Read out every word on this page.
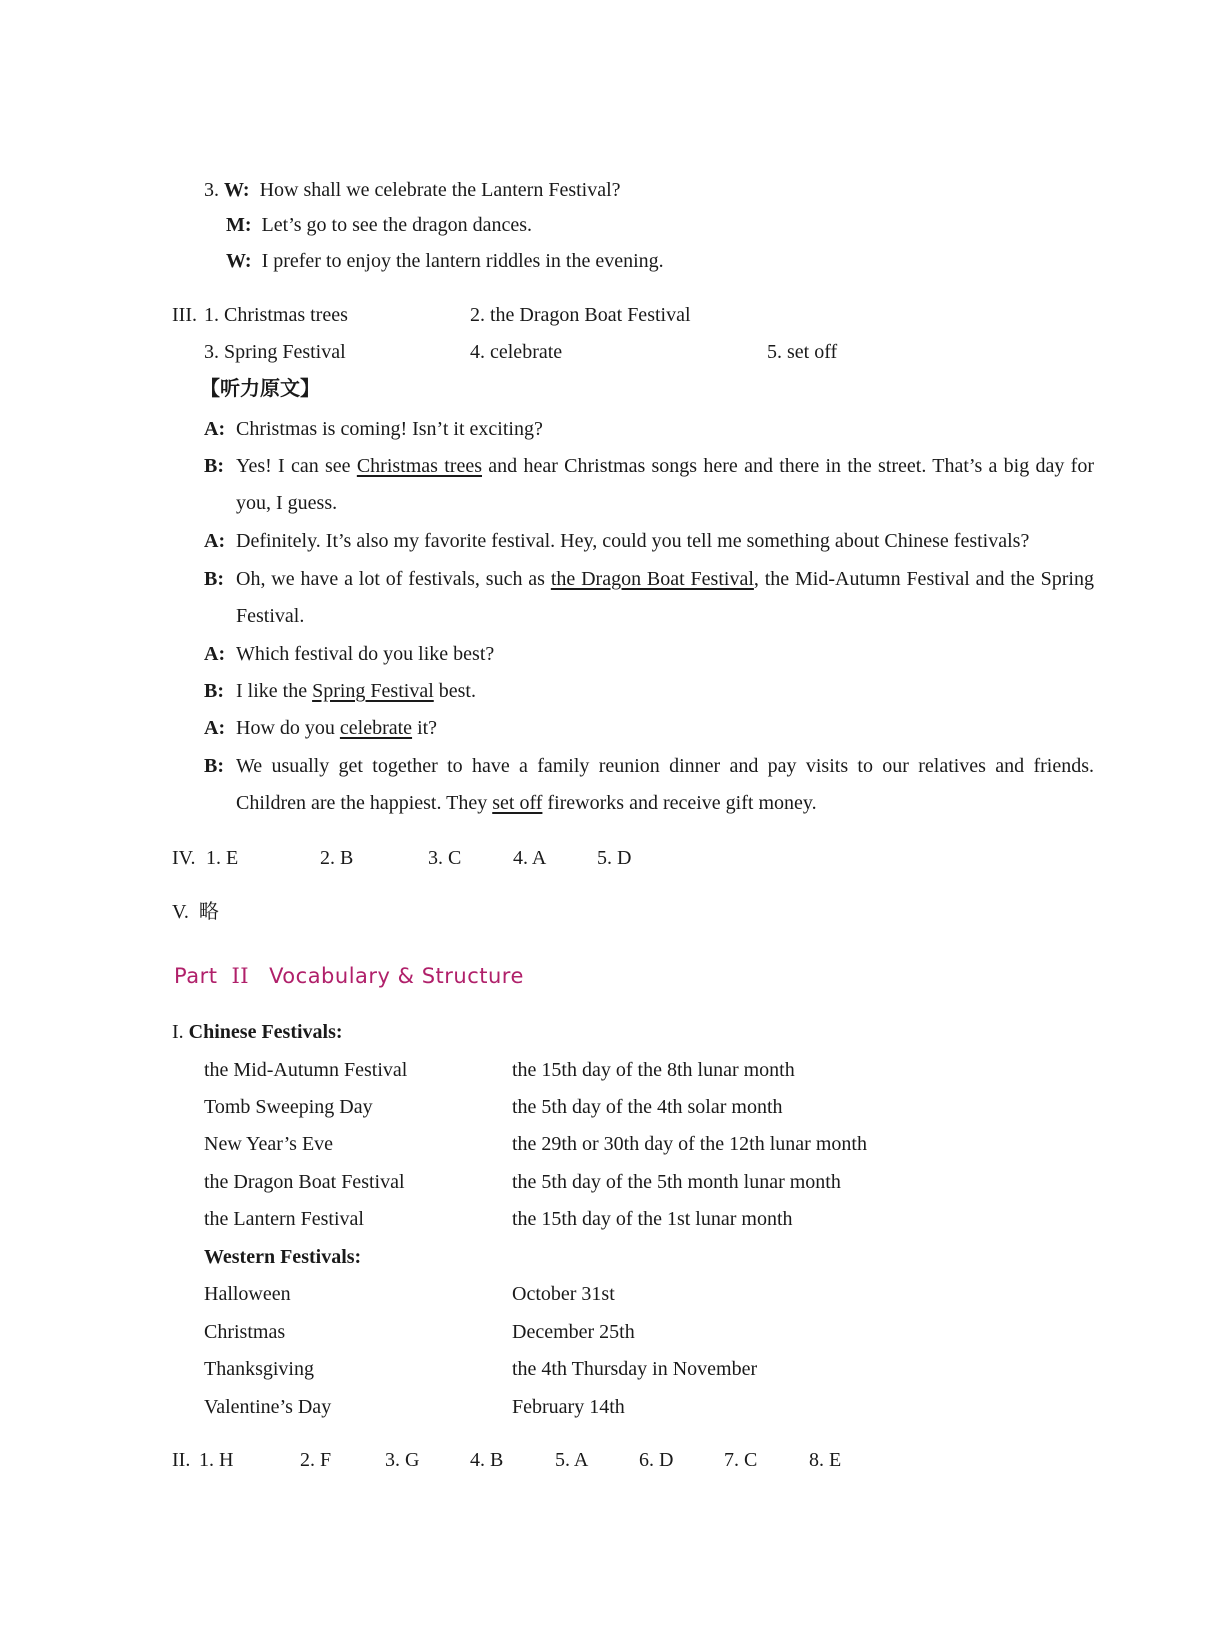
3. W: How shall we celebrate the Lantern Festival?
M: Let’s go to see the dragon dances.
W: I prefer to enjoy the lantern riddles in the evening.
III. 1. Christmas trees	2. the Dragon Boat Festival
3. Spring Festival	4. celebrate	5. set off
【听力原文】
A: Christmas is coming! Isn’t it exciting?
B: Yes! I can see Christmas trees and hear Christmas songs here and there in the street. That’s a big day for you, I guess.
A: Definitely. It’s also my favorite festival. Hey, could you tell me something about Chinese festivals?
B: Oh, we have a lot of festivals, such as the Dragon Boat Festival, the Mid-Autumn Festival and the Spring Festival.
A: Which festival do you like best?
B: I like the Spring Festival best.
A: How do you celebrate it?
B: We usually get together to have a family reunion dinner and pay visits to our relatives and friends. Children are the happiest. They set off fireworks and receive gift money.
IV. 1. E	2. B	3. C	4. A	5. D
V. 略
Part II Vocabulary & Structure
I. Chinese Festivals:
the Mid-Autumn Festival	the 15th day of the 8th lunar month
Tomb Sweeping Day	the 5th day of the 4th solar month
New Year’s Eve	the 29th or 30th day of the 12th lunar month
the Dragon Boat Festival	the 5th day of the 5th month lunar month
the Lantern Festival	the 15th day of the 1st lunar month
Western Festivals:
Halloween	October 31st
Christmas	December 25th
Thanksgiving	the 4th Thursday in November
Valentine’s Day	February 14th
II. 1. H	2. F	3. G	4. B	5. A	6. D	7. C	8. E
